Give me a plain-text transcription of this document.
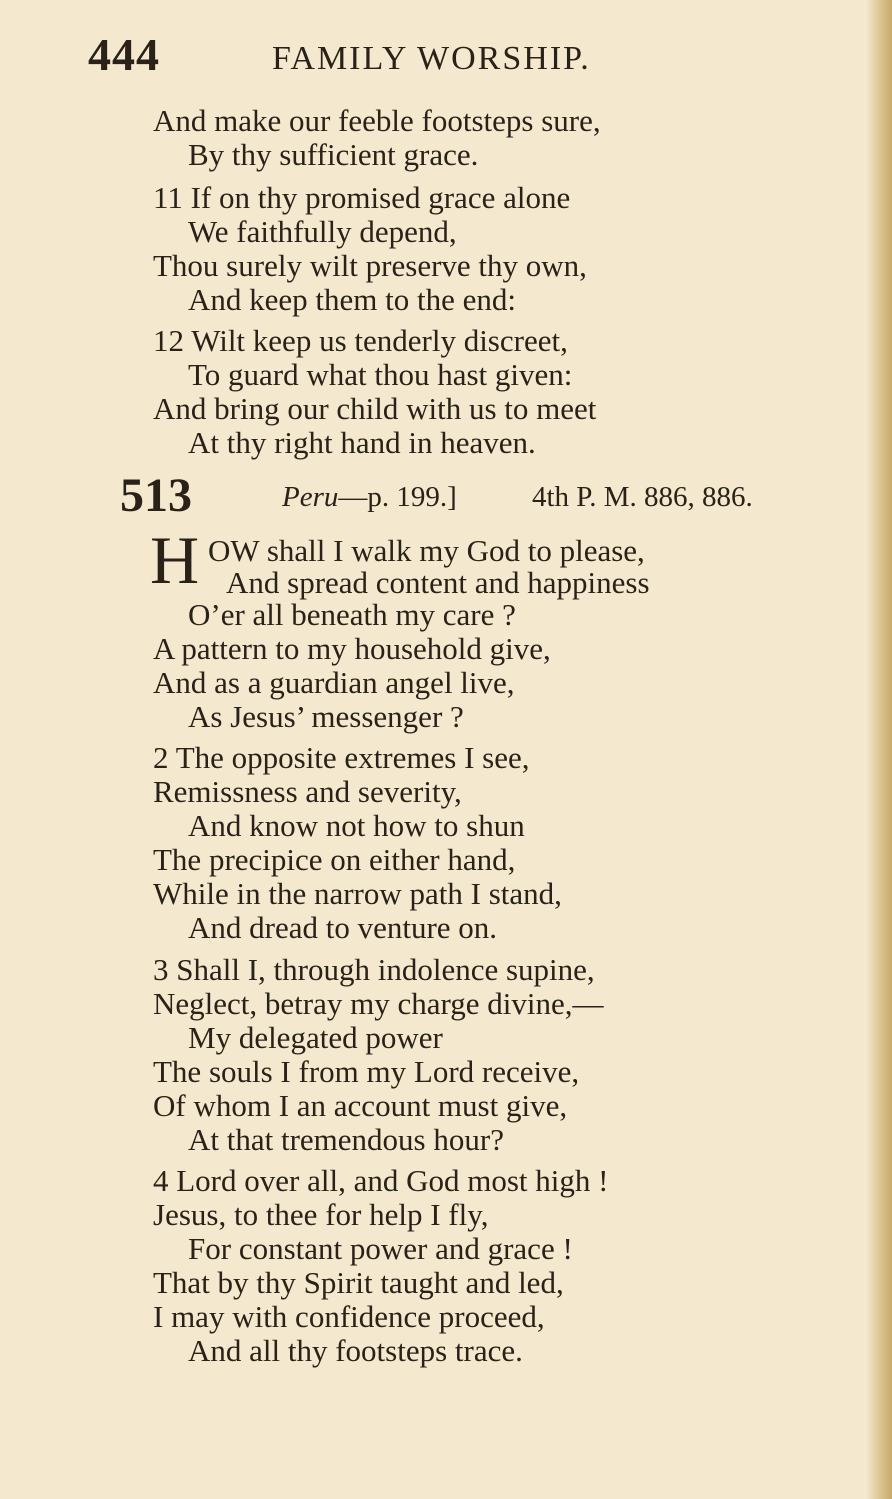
444	FAMILY WORSHIP.
And make our feeble footsteps sure,
By thy sufficient grace.
11 If on thy promised grace alone
We faithfully depend,
Thou surely wilt preserve thy own,
And keep them to the end:
12 Wilt keep us tenderly discreet,
To guard what thou hast given:
And bring our child with us to meet
At thy right hand in heaven.
513	Peru—p. 199.]	4th P. M. 886, 886.
H OW shall I walk my God to please,
And spread content and happiness
O’er all beneath my care ?
A pattern to my household give,
And as a guardian angel live,
As Jesus’ messenger ?
2 The opposite extremes I see,
Remissness and severity,
And know not how to shun
The precipice on either hand,
While in the narrow path I stand,
And dread to venture on.
3 Shall I, through indolence supine,
Neglect, betray my charge divine,—
My delegated power
The souls I from my Lord receive,
Of whom I an account must give,
At that tremendous hour?
4 Lord over all, and God most high !
Jesus, to thee for help I fly,
For constant power and grace !
That by thy Spirit taught and led,
I may with confidence proceed,
And all thy footsteps trace.
